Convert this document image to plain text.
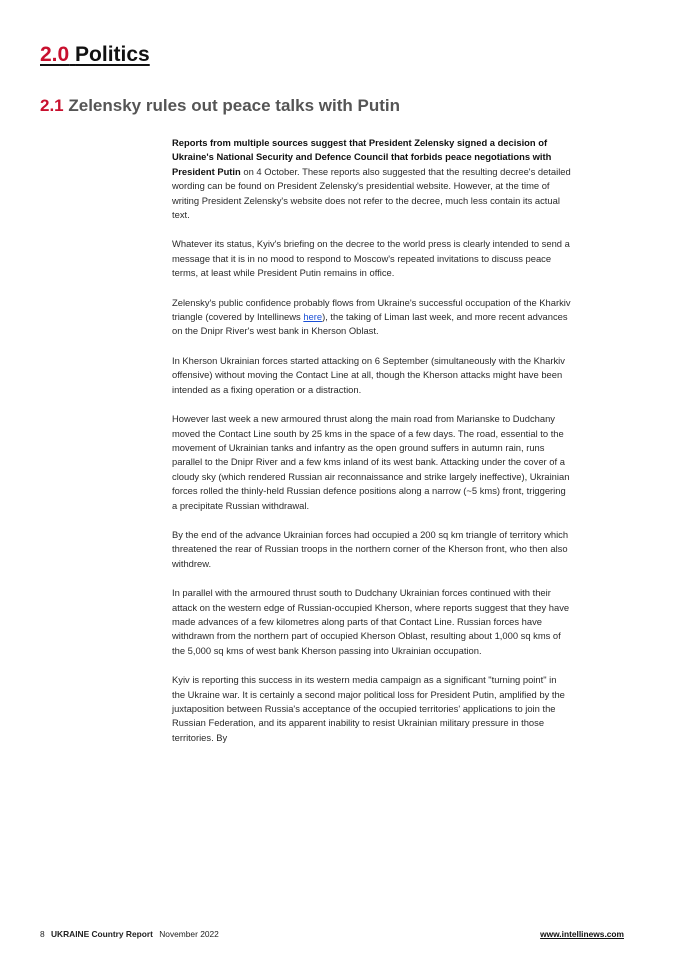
2.0 Politics
2.1 Zelensky rules out peace talks with Putin

Reports from multiple sources suggest that President Zelensky signed a decision of Ukraine's National Security and Defence Council that forbids peace negotiations with President Putin on 4 October. These reports also suggested that the resulting decree's detailed wording can be found on President Zelensky's presidential website. However, at the time of writing President Zelensky's website does not refer to the decree, much less contain its actual text.

Whatever its status, Kyiv's briefing on the decree to the world press is clearly intended to send a message that it is in no mood to respond to Moscow's repeated invitations to discuss peace terms, at least while President Putin remains in office.

Zelensky's public confidence probably flows from Ukraine's successful occupation of the Kharkiv triangle (covered by Intellinews here), the taking of Liman last week, and more recent advances on the Dnipr River's west bank in Kherson Oblast.

In Kherson Ukrainian forces started attacking on 6 September (simultaneously with the Kharkiv offensive) without moving the Contact Line at all, though the Kherson attacks might have been intended as a fixing operation or a distraction.

However last week a new armoured thrust along the main road from Marianske to Dudchany moved the Contact Line south by 25 kms in the space of a few days. The road, essential to the movement of Ukrainian tanks and infantry as the open ground suffers in autumn rain, runs parallel to the Dnipr River and a few kms inland of its west bank. Attacking under the cover of a cloudy sky (which rendered Russian air reconnaissance and strike largely ineffective), Ukrainian forces rolled the thinly-held Russian defence positions along a narrow (~5 kms) front, triggering a precipitate Russian withdrawal.

By the end of the advance Ukrainian forces had occupied a 200 sq km triangle of territory which threatened the rear of Russian troops in the northern corner of the Kherson front, who then also withdrew.

In parallel with the armoured thrust south to Dudchany Ukrainian forces continued with their attack on the western edge of Russian-occupied Kherson, where reports suggest that they have made advances of a few kilometres along parts of that Contact Line. Russian forces have withdrawn from the northern part of occupied Kherson Oblast, resulting about 1,000 sq kms of the 5,000 sq kms of west bank Kherson passing into Ukrainian occupation.

Kyiv is reporting this success in its western media campaign as a significant "turning point" in the Ukraine war. It is certainly a second major political loss for President Putin, amplified by the juxtaposition between Russia's acceptance of the occupied territories' applications to join the Russian Federation, and its apparent inability to resist Ukrainian military pressure in those territories. By

8 UKRAINE Country Report November 2022	www.intellinews.com
